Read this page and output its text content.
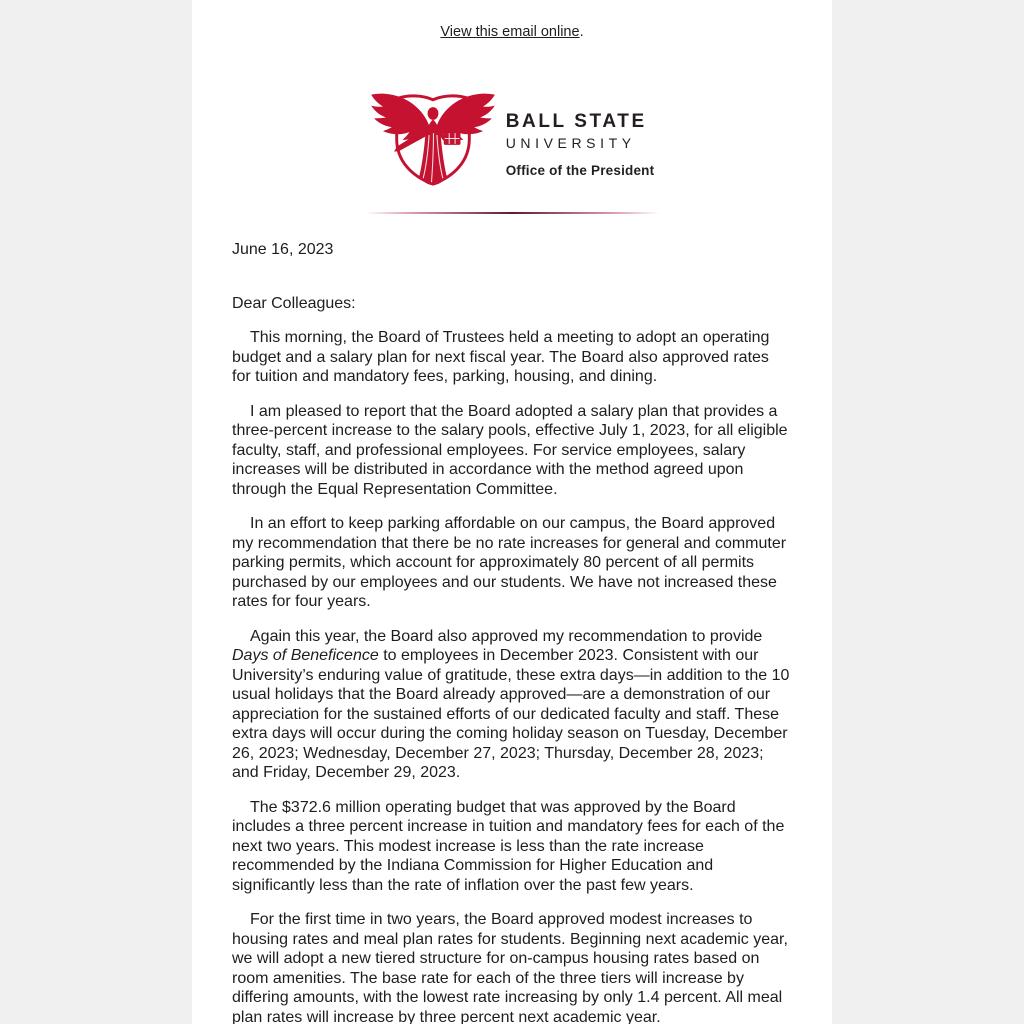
View this email online.
BALL STATE
UNIVERSITY
Office of the President

June 16, 2023

Dear Colleagues:

This morning, the Board of Trustees held a meeting to adopt an operating budget and a salary plan for next fiscal year. The Board also approved rates for tuition and mandatory fees, parking, housing, and dining.

I am pleased to report that the Board adopted a salary plan that provides a three-percent increase to the salary pools, effective July 1, 2023, for all eligible faculty, staff, and professional employees. For service employees, salary increases will be distributed in accordance with the method agreed upon through the Equal Representation Committee.

In an effort to keep parking affordable on our campus, the Board approved my recommendation that there be no rate increases for general and commuter parking permits, which account for approximately 80 percent of all permits purchased by our employees and our students. We have not increased these rates for four years.

Again this year, the Board also approved my recommendation to provide Days of Beneficence to employees in December 2023. Consistent with our University’s enduring value of gratitude, these extra days—in addition to the 10 usual holidays that the Board already approved—are a demonstration of our appreciation for the sustained efforts of our dedicated faculty and staff. These extra days will occur during the coming holiday season on Tuesday, December 26, 2023; Wednesday, December 27, 2023; Thursday, December 28, 2023; and Friday, December 29, 2023.

The $372.6 million operating budget that was approved by the Board includes a three percent increase in tuition and mandatory fees for each of the next two years. This modest increase is less than the rate increase recommended by the Indiana Commission for Higher Education and significantly less than the rate of inflation over the past few years.

For the first time in two years, the Board approved modest increases to housing rates and meal plan rates for students. Beginning next academic year, we will adopt a new tiered structure for on-campus housing rates based on room amenities. The base rate for each of the three tiers will increase by differing amounts, with the lowest rate increasing by only 1.4 percent. All meal plan rates will increase by three percent next academic year.
